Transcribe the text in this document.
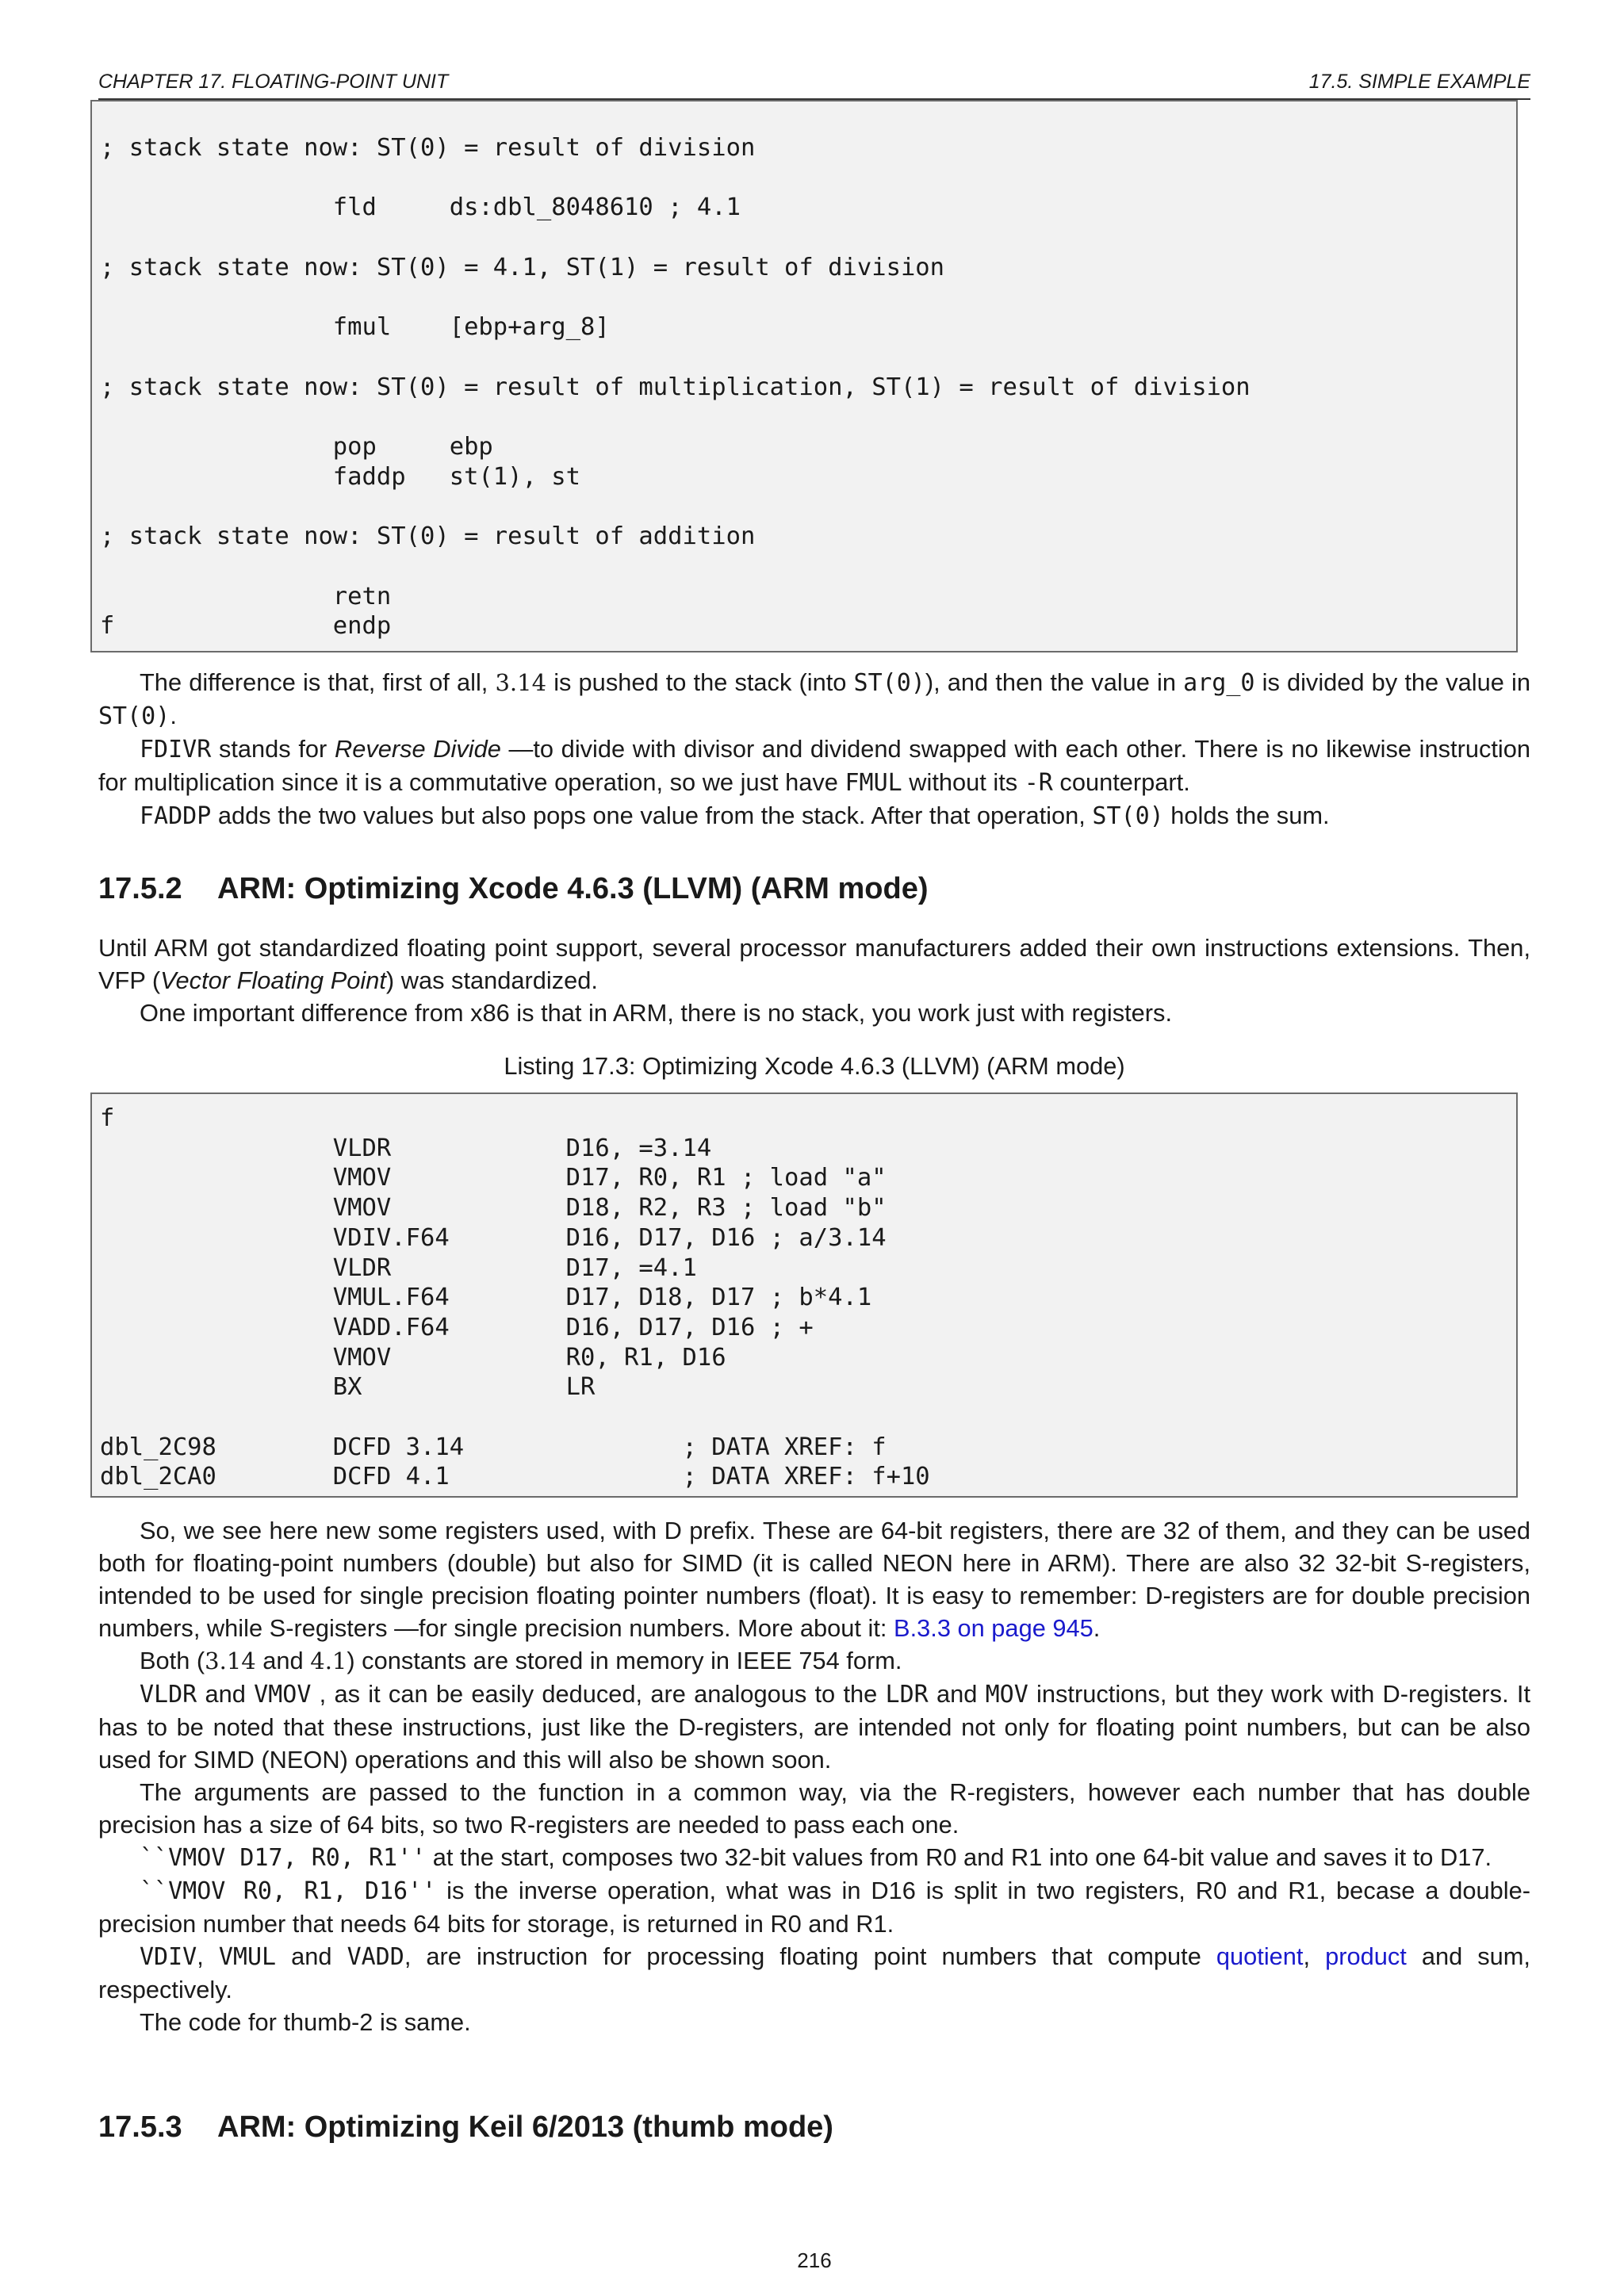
CHAPTER 17. FLOATING-POINT UNIT	17.5. SIMPLE EXAMPLE
; stack state now: ST(0) = result of division

fld     ds:dbl_8048610 ; 4.1

; stack state now: ST(0) = 4.1, ST(1) = result of division

fmul    [ebp+arg_8]

; stack state now: ST(0) = result of multiplication, ST(1) = result of division

pop     ebp
faddp   st(1), st

; stack state now: ST(0) = result of addition

retn
f               endp

The difference is that, first of all, 3.14 is pushed to the stack (into ST(0)), and then the value in arg_0 is divided by the value in ST(0).

FDIVR stands for Reverse Divide —to divide with divisor and dividend swapped with each other. There is no likewise instruction for multiplication since it is a commutative operation, so we just have FMUL without its -R counterpart.

FADDP adds the two values but also pops one value from the stack. After that operation, ST(0) holds the sum.

17.5.2 ARM: Optimizing Xcode 4.6.3 (LLVM) (ARM mode)

Until ARM got standardized floating point support, several processor manufacturers added their own instructions extensions. Then, VFP (Vector Floating Point) was standardized.

One important difference from x86 is that in ARM, there is no stack, you work just with registers.

Listing 17.3: Optimizing Xcode 4.6.3 (LLVM) (ARM mode)
f
VLDR            D16, =3.14
VMOV            D17, R0, R1 ; load "a"
VMOV            D18, R2, R3 ; load "b"
VDIV.F64        D16, D17, D16 ; a/3.14
VLDR            D17, =4.1
VMUL.F64        D17, D18, D17 ; b*4.1
VADD.F64        D16, D17, D16 ; +
VMOV            R0, R1, D16
BX              LR

dbl_2C98        DCFD 3.14               ; DATA XREF: f
dbl_2CA0        DCFD 4.1                ; DATA XREF: f+10

So, we see here new some registers used, with D prefix. These are 64-bit registers, there are 32 of them, and they can be used both for floating-point numbers (double) but also for SIMD (it is called NEON here in ARM). There are also 32 32-bit S-registers, intended to be used for single precision floating pointer numbers (float). It is easy to remember: D-registers are for double precision numbers, while S-registers —for single precision numbers. More about it: B.3.3 on page 945.

Both (3.14 and 4.1) constants are stored in memory in IEEE 754 form.

VLDR and VMOV , as it can be easily deduced, are analogous to the LDR and MOV instructions, but they work with D-registers. It has to be noted that these instructions, just like the D-registers, are intended not only for floating point numbers, but can be also used for SIMD (NEON) operations and this will also be shown soon.

The arguments are passed to the function in a common way, via the R-registers, however each number that has double precision has a size of 64 bits, so two R-registers are needed to pass each one.

``VMOV D17, R0, R1'' at the start, composes two 32-bit values from R0 and R1 into one 64-bit value and saves it to D17.

``VMOV R0, R1, D16'' is the inverse operation, what was in D16 is split in two registers, R0 and R1, becase a double-precision number that needs 64 bits for storage, is returned in R0 and R1.

VDIV, VMUL and VADD, are instruction for processing floating point numbers that compute quotient, product and sum, respectively.

The code for thumb-2 is same.

17.5.3 ARM: Optimizing Keil 6/2013 (thumb mode)
216
